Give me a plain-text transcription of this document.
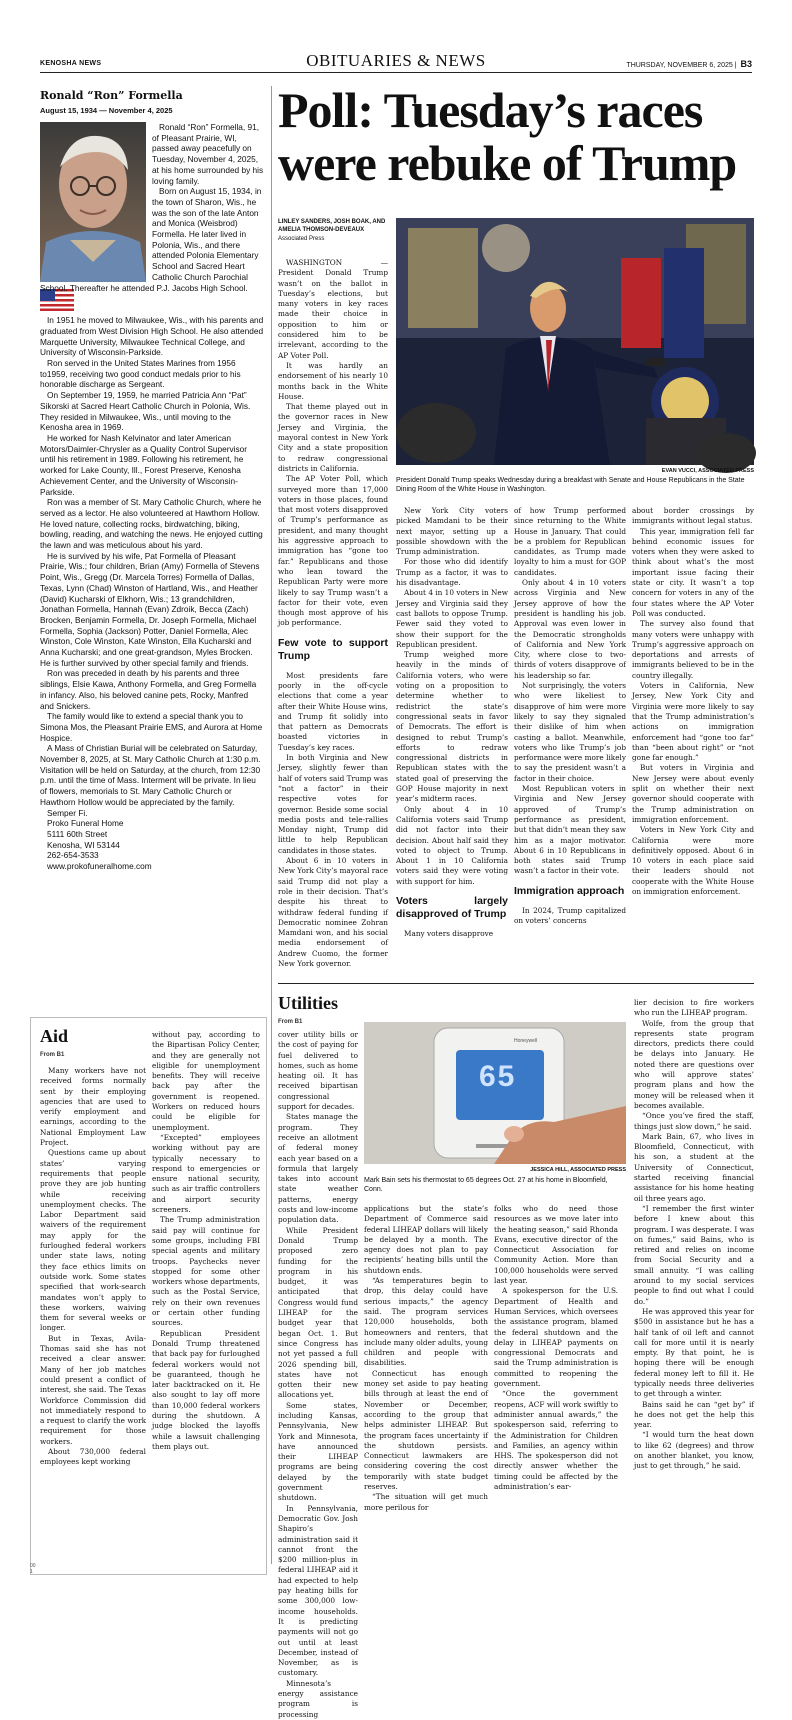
KENOSHA NEWS	OBITUARIES & NEWS	THURSDAY, NOVEMBER 6, 2025 | B3
Ronald “Ron” Formella
August 15, 1934 — November 4, 2025

Ronald “Ron” Formella, 91, of Pleasant Prairie, WI, passed away peacefully on Tuesday, November 4, 2025, at his home surrounded by his loving family.

Born on August 15, 1934, in the town of Sharon, Wis., he was the son of the late Anton and Monica (Weisbrod) Formella. He later lived in Polonia, Wis., and there attended Polonia Elementary School and Sacred Heart Catholic Church Parochial School. Thereafter he attended P.J. Jacobs High School.

In 1951 he moved to Milwaukee, Wis., with his parents and graduated from West Division High School. He also attended Marquette University, Milwaukee Technical College, and University of Wisconsin-Parkside.

Ron served in the United States Marines from 1956 to1959, receiving two good conduct medals prior to his honorable discharge as Sergeant.

On September 19, 1959, he married Patricia Ann “Pat” Sikorski at Sacred Heart Catholic Church in Polonia, Wis. They resided in Milwaukee, Wis., until moving to the Kenosha area in 1969.

He worked for Nash Kelvinator and later American Motors/Daimler-Chrysler as a Quality Control Supervisor until his retirement in 1989. Following his retirement, he worked for Lake County, Ill., Forest Preserve, Kenosha Achievement Center, and the University of Wisconsin-Parkside.

Ron was a member of St. Mary Catholic Church, where he served as a lector. He also volunteered at Hawthorn Hollow. He loved nature, collecting rocks, birdwatching, biking, bowling, reading, and watching the news. He enjoyed cutting the lawn and was meticulous about his yard.

He is survived by his wife, Pat Formella of Pleasant Prairie, Wis.; four children, Brian (Amy) Formella of Stevens Point, Wis., Gregg (Dr. Marcela Torres) Formella of Dallas, Texas, Lynn (Chad) Winston of Hartland, Wis., and Heather (David) Kucharski of Elkhorn, Wis.; 13 grandchildren, Jonathan Formella, Hannah (Evan) Zdroik, Becca (Zach) Brocken, Benjamin Formella, Dr. Joseph Formella, Michael Formella, Sophia (Jackson) Potter, Daniel Formella, Alec Winston, Cole Winston, Kate Winston, Ella Kucharski and Anna Kucharski; and one great-grandson, Myles Brocken. He is further survived by other special family and friends.

Ron was preceded in death by his parents and three siblings, Elsie Kawa, Anthony Formella, and Greg Formella in infancy. Also, his beloved canine pets, Rocky, Manfred and Snickers.

The family would like to extend a special thank you to Simona Mos, the Pleasant Prairie EMS, and Aurora at Home Hospice.

A Mass of Christian Burial will be celebrated on Saturday, November 8, 2025, at St. Mary Catholic Church at 1:30 p.m. Visitation will be held on Saturday, at the church, from 12:30 p.m. until the time of Mass. Interment will be private. In lieu of flowers, memorials to St. Mary Catholic Church or Hawthorn Hollow would be appreciated by the family.

Semper Fi.

Proko Funeral Home

5111 60th Street

Kenosha, WI 53144

262-654-3533

www.prokofuneralhome.com

Poll: Tuesday’s races were rebuke of Trump
LINLEY SANDERS, JOSH BOAK, AND AMELIA THOMSON-DEVEAUX
Associated Press
EVAN VUCCI, ASSOCIATED PRESS
President Donald Trump speaks Wednesday during a breakfast with Senate and House Republicans in the State Dining Room of the White House in Washington.

WASHINGTON — President Donald Trump wasn’t on the ballot in Tuesday’s elections, but many voters in key races made their choice in opposition to him or considered him to be irrelevant, according to the AP Voter Poll.

It was hardly an endorsement of his nearly 10 months back in the White House.

That theme played out in the governor races in New Jersey and Virginia, the mayoral contest in New York City and a state proposition to redraw congressional districts in California.

The AP Voter Poll, which surveyed more than 17,000 voters in those places, found that most voters disapproved of Trump’s performance as president, and many thought his aggressive approach to immigration has “gone too far.” Republicans and those who lean toward the Republican Party were more likely to say Trump wasn’t a factor for their vote, even though most approve of his job performance.

Few vote to support Trump

Most presidents fare poorly in the off-cycle elections that come a year after their White House wins, and Trump fit solidly into that pattern as Democrats boasted victories in Tuesday’s key races.

In both Virginia and New Jersey, slightly fewer than half of voters said Trump was “not a factor” in their respective votes for governor. Beside some social media posts and tele-rallies Monday night, Trump did little to help Republican candidates in those states.

About 6 in 10 voters in New York City’s mayoral race said Trump did not play a role in their decision. That’s despite his threat to withdraw federal funding if Democratic nominee Zohran Mamdani won, and his social media endorsement of Andrew Cuomo, the former New York governor.

New York City voters picked Mamdani to be their next mayor, setting up a possible showdown with the Trump administration.

For those who did identify Trump as a factor, it was to his disadvantage.

About 4 in 10 voters in New Jersey and Virginia said they cast ballots to oppose Trump. Fewer said they voted to show their support for the Republican president.

Trump weighed more heavily in the minds of California voters, who were voting on a proposition to determine whether to redistrict the state’s congressional seats in favor of Democrats. The effort is designed to rebut Trump’s efforts to redraw congressional districts in Republican states with the stated goal of preserving the GOP House majority in next year’s midterm races.

Only about 4 in 10 California voters said Trump did not factor into their decision. About half said they voted to object to Trump. About 1 in 10 California voters said they were voting with support for him.

Voters largely disapproved of Trump

Many voters disapprove

of how Trump performed since returning to the White House in January. That could be a problem for Republican candidates, as Trump made loyalty to him a must for GOP candidates.

Only about 4 in 10 voters across Virginia and New Jersey approve of how the president is handling his job. Approval was even lower in the Democratic strongholds of California and New York City, where close to two-thirds of voters disapprove of his leadership so far.

Not surprisingly, the voters who were likeliest to disapprove of him were more likely to say they signaled their dislike of him when casting a ballot. Meanwhile, voters who like Trump’s job performance were more likely to say the president wasn’t a factor in their choice.

Most Republican voters in Virginia and New Jersey approved of Trump’s performance as president, but that didn’t mean they saw him as a major motivator. About 6 in 10 Republicans in both states said Trump wasn’t a factor in their vote.

Immigration approach

In 2024, Trump capitalized on voters’ concerns

about border crossings by immigrants without legal status.

This year, immigration fell far behind economic issues for voters when they were asked to think about what’s the most important issue facing their state or city. It wasn’t a top concern for voters in any of the four states where the AP Voter Poll was conducted.

The survey also found that many voters were unhappy with Trump’s aggressive approach on deportations and arrests of immigrants believed to be in the country illegally.

Voters in California, New Jersey, New York City and Virginia were more likely to say that the Trump administration’s actions on immigration enforcement had “gone too far” than “been about right” or “not gone far enough.”

But voters in Virginia and New Jersey were about evenly split on whether their next governor should cooperate with the Trump administration on immigration enforcement.

Voters in New York City and California were more definitively opposed. About 6 in 10 voters in each place said their leaders should not cooperate with the White House on immigration enforcement.

Aid
From B1

Many workers have not received forms normally sent by their employing agencies that are used to verify employment and earnings, according to the National Employment Law Project.

Questions came up about states’ varying requirements that people prove they are job hunting while receiving unemployment checks. The Labor Department said waivers of the requirement may apply for the furloughed federal workers under state laws, noting they face ethics limits on outside work. Some states specified that work-search mandates won’t apply to these workers, waiving them for several weeks or longer.

But in Texas, Avila-Thomas said she has not received a clear answer. Many of her job matches could present a conflict of interest, she said. The Texas Workforce Commission did not immediately respond to a request to clarify the work requirement for those workers.

About 730,000 federal employees kept working

without pay, according to the Bipartisan Policy Center, and they are generally not eligible for unemployment benefits. They will receive back pay after the government is reopened. Workers on reduced hours could be eligible for unemployment.

“Excepted” employees working without pay are typically necessary to respond to emergencies or ensure national security, such as air traffic controllers and airport security screeners.

The Trump administration said pay will continue for some groups, including FBI special agents and military troops. Paychecks never stopped for some other workers whose departments, such as the Postal Service, rely on their own revenues or certain other funding sources.

Republican President Donald Trump threatened that back pay for furloughed federal workers would not be guaranteed, though he later backtracked on it. He also sought to lay off more than 10,000 federal workers during the shutdown. A judge blocked the layoffs while a lawsuit challenging them plays out.

00
1
Utilities
From B1
Honeywell
65
JESSICA HILL, ASSOCIATED PRESS
Mark Bain sets his thermostat to 65 degrees Oct. 27 at his home in Bloomfield, Conn.

cover utility bills or the cost of paying for fuel delivered to homes, such as home heating oil. It has received bipartisan congressional support for decades.

States manage the program. They receive an allotment of federal money each year based on a formula that largely takes into account state weather patterns, energy costs and low-income population data.

While President Donald Trump proposed zero funding for the program in his budget, it was anticipated that Congress would fund LIHEAP for the budget year that began Oct. 1. But since Congress has not yet passed a full 2026 spending bill, states have not gotten their new allocations yet.

Some states, including Kansas, Pennsylvania, New York and Minnesota, have announced their LIHEAP programs are being delayed by the government shutdown.

In Pennsylvania, Democratic Gov. Josh Shapiro’s administration said it cannot front the $200 million-plus in federal LIHEAP aid it had expected to help pay heating bills for some 300,000 low-income households. It is predicting payments will not go out until at least December, instead of November, as is customary.

Minnesota’s energy assistance program is processing

applications but the state’s Department of Commerce said federal LIHEAP dollars will likely be delayed by a month. The agency does not plan to pay recipients’ heating bills until the shutdown ends.

“As temperatures begin to drop, this delay could have serious impacts,” the agency said. The program services 120,000 households, both homeowners and renters, that include many older adults, young children and people with disabilities.

Connecticut has enough money set aside to pay heating bills through at least the end of November or December, according to the group that helps administer LIHEAP. But the program faces uncertainty if the shutdown persists. Connecticut lawmakers are considering covering the cost temporarily with state budget reserves.

“The situation will get much more perilous for

folks who do need those resources as we move later into the heating season,” said Rhonda Evans, executive director of the Connecticut Association for Community Action. More than 100,000 households were served last year.

A spokesperson for the U.S. Department of Health and Human Services, which oversees the assistance program, blamed the federal shutdown and the delay in LIHEAP payments on congressional Democrats and said the Trump administration is committed to reopening the government.

“Once the government reopens, ACF will work swiftly to administer annual awards,” the spokesperson said, referring to the Administration for Children and Families, an agency within HHS. The spokesperson did not directly answer whether the timing could be affected by the administration’s ear-

lier decision to fire workers who run the LIHEAP program.

Wolfe, from the group that represents state program directors, predicts there could be delays into January. He noted there are questions over who will approve states’ program plans and how the money will be released when it becomes available.

“Once you’ve fired the staff, things just slow down,” he said.

Mark Bain, 67, who lives in Bloomfield, Connecticut, with his son, a student at the University of Connecticut, started receiving financial assistance for his home heating oil three years ago.

“I remember the first winter before I knew about this program. I was desperate. I was on fumes,” said Bains, who is retired and relies on income from Social Security and a small annuity. “I was calling around to my social services people to find out what I could do.”

He was approved this year for $500 in assistance but he has a half tank of oil left and cannot call for more until it is nearly empty. By that point, he is hoping there will be enough federal money left to fill it. He typically needs three deliveries to get through a winter.

Bains said he can “get by” if he does not get the help this year.

“I would turn the heat down to like 62 (degrees) and throw on another blanket, you know, just to get through,” he said.
